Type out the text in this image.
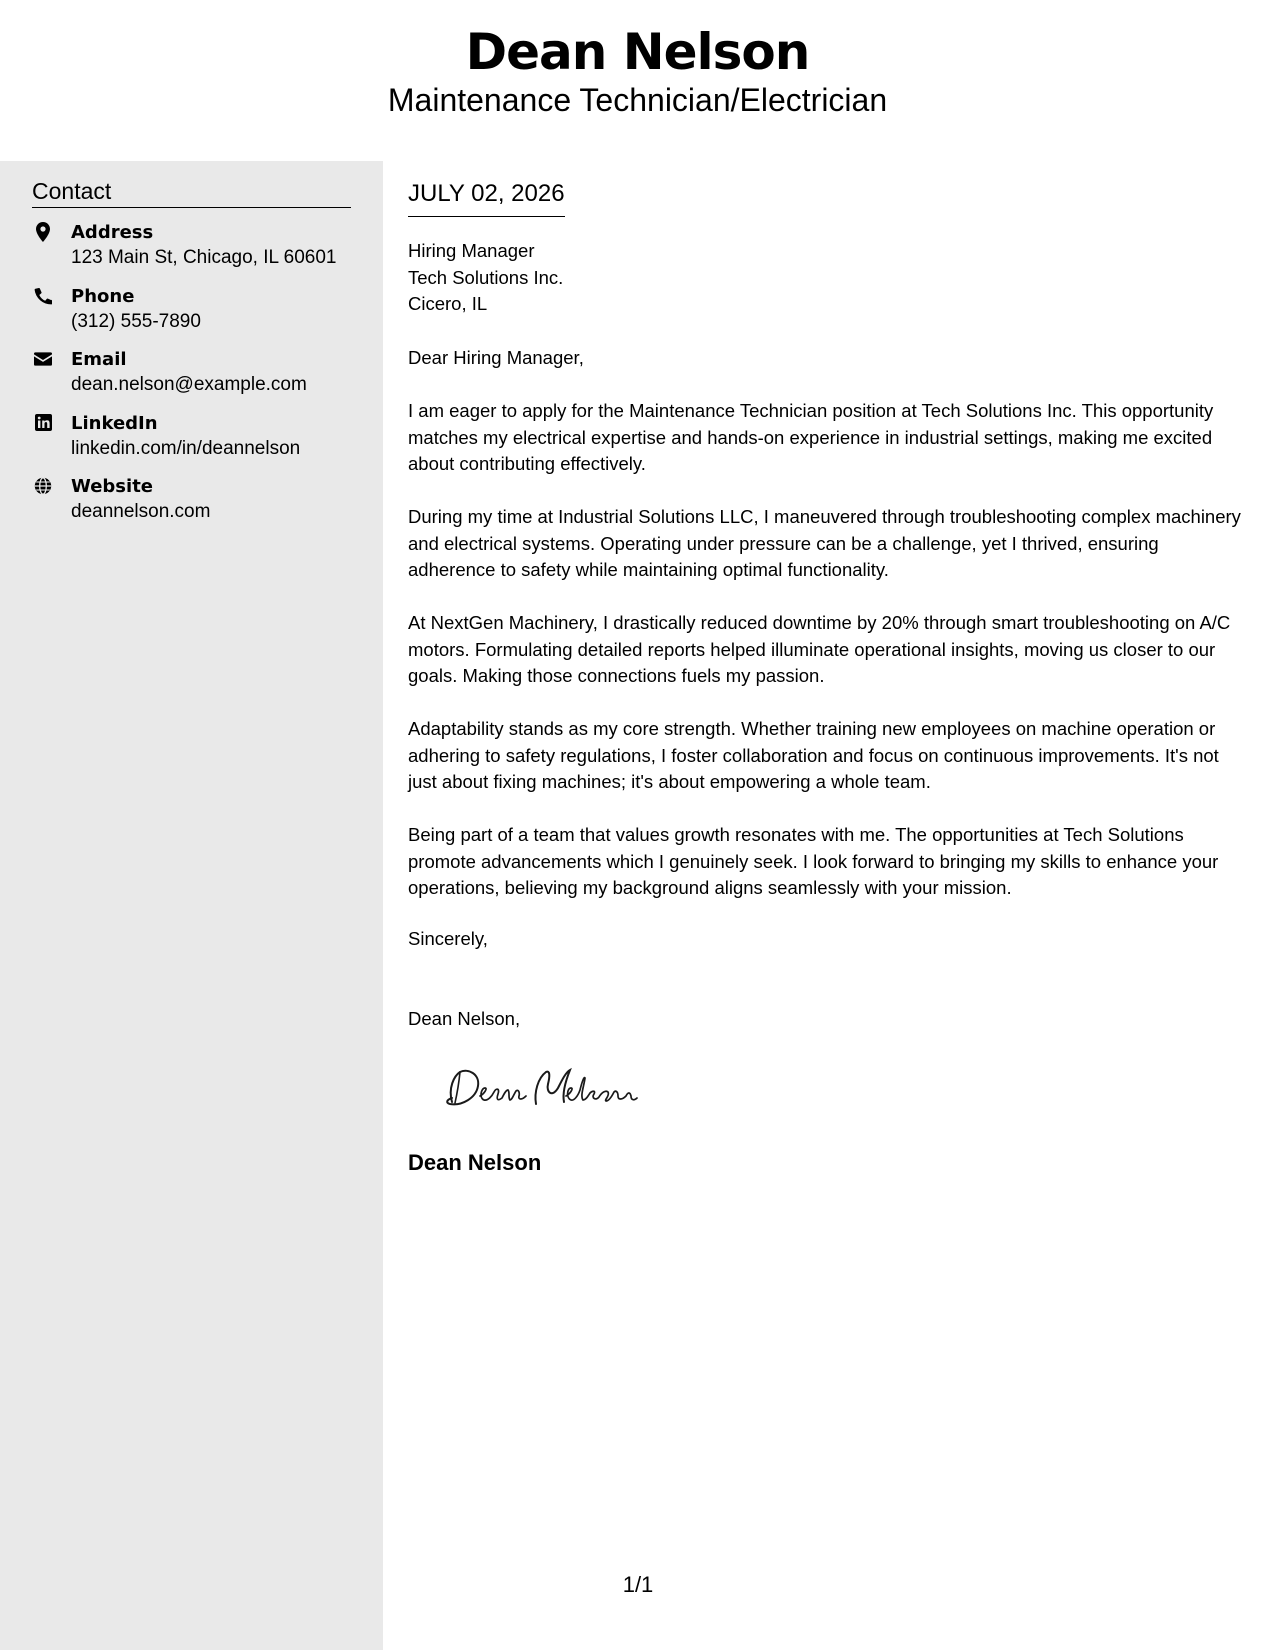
Dean Nelson
Maintenance Technician/Electrician
Contact
Address
123 Main St, Chicago, IL 60601
Phone
(312) 555-7890
Email
dean.nelson@example.com
LinkedIn
linkedin.com/in/deannelson
Website
deannelson.com
JULY 02, 2026
Hiring Manager
Tech Solutions Inc.
Cicero, IL

Dear Hiring Manager,

I am eager to apply for the Maintenance Technician position at Tech Solutions Inc. This opportunity matches my electrical expertise and hands-on experience in industrial settings, making me excited about contributing effectively.

During my time at Industrial Solutions LLC, I maneuvered through troubleshooting complex machinery and electrical systems. Operating under pressure can be a challenge, yet I thrived, ensuring adherence to safety while maintaining optimal functionality.

At NextGen Machinery, I drastically reduced downtime by 20% through smart troubleshooting on A/C motors. Formulating detailed reports helped illuminate operational insights, moving us closer to our goals. Making those connections fuels my passion.

Adaptability stands as my core strength. Whether training new employees on machine operation or adhering to safety regulations, I foster collaboration and focus on continuous improvements. It's not just about fixing machines; it's about empowering a whole team.

Being part of a team that values growth resonates with me. The opportunities at Tech Solutions promote advancements which I genuinely seek. I look forward to bringing my skills to enhance your operations, believing my background aligns seamlessly with your mission.

Sincerely,
Dean Nelson,
Dean Nelson
1/1
